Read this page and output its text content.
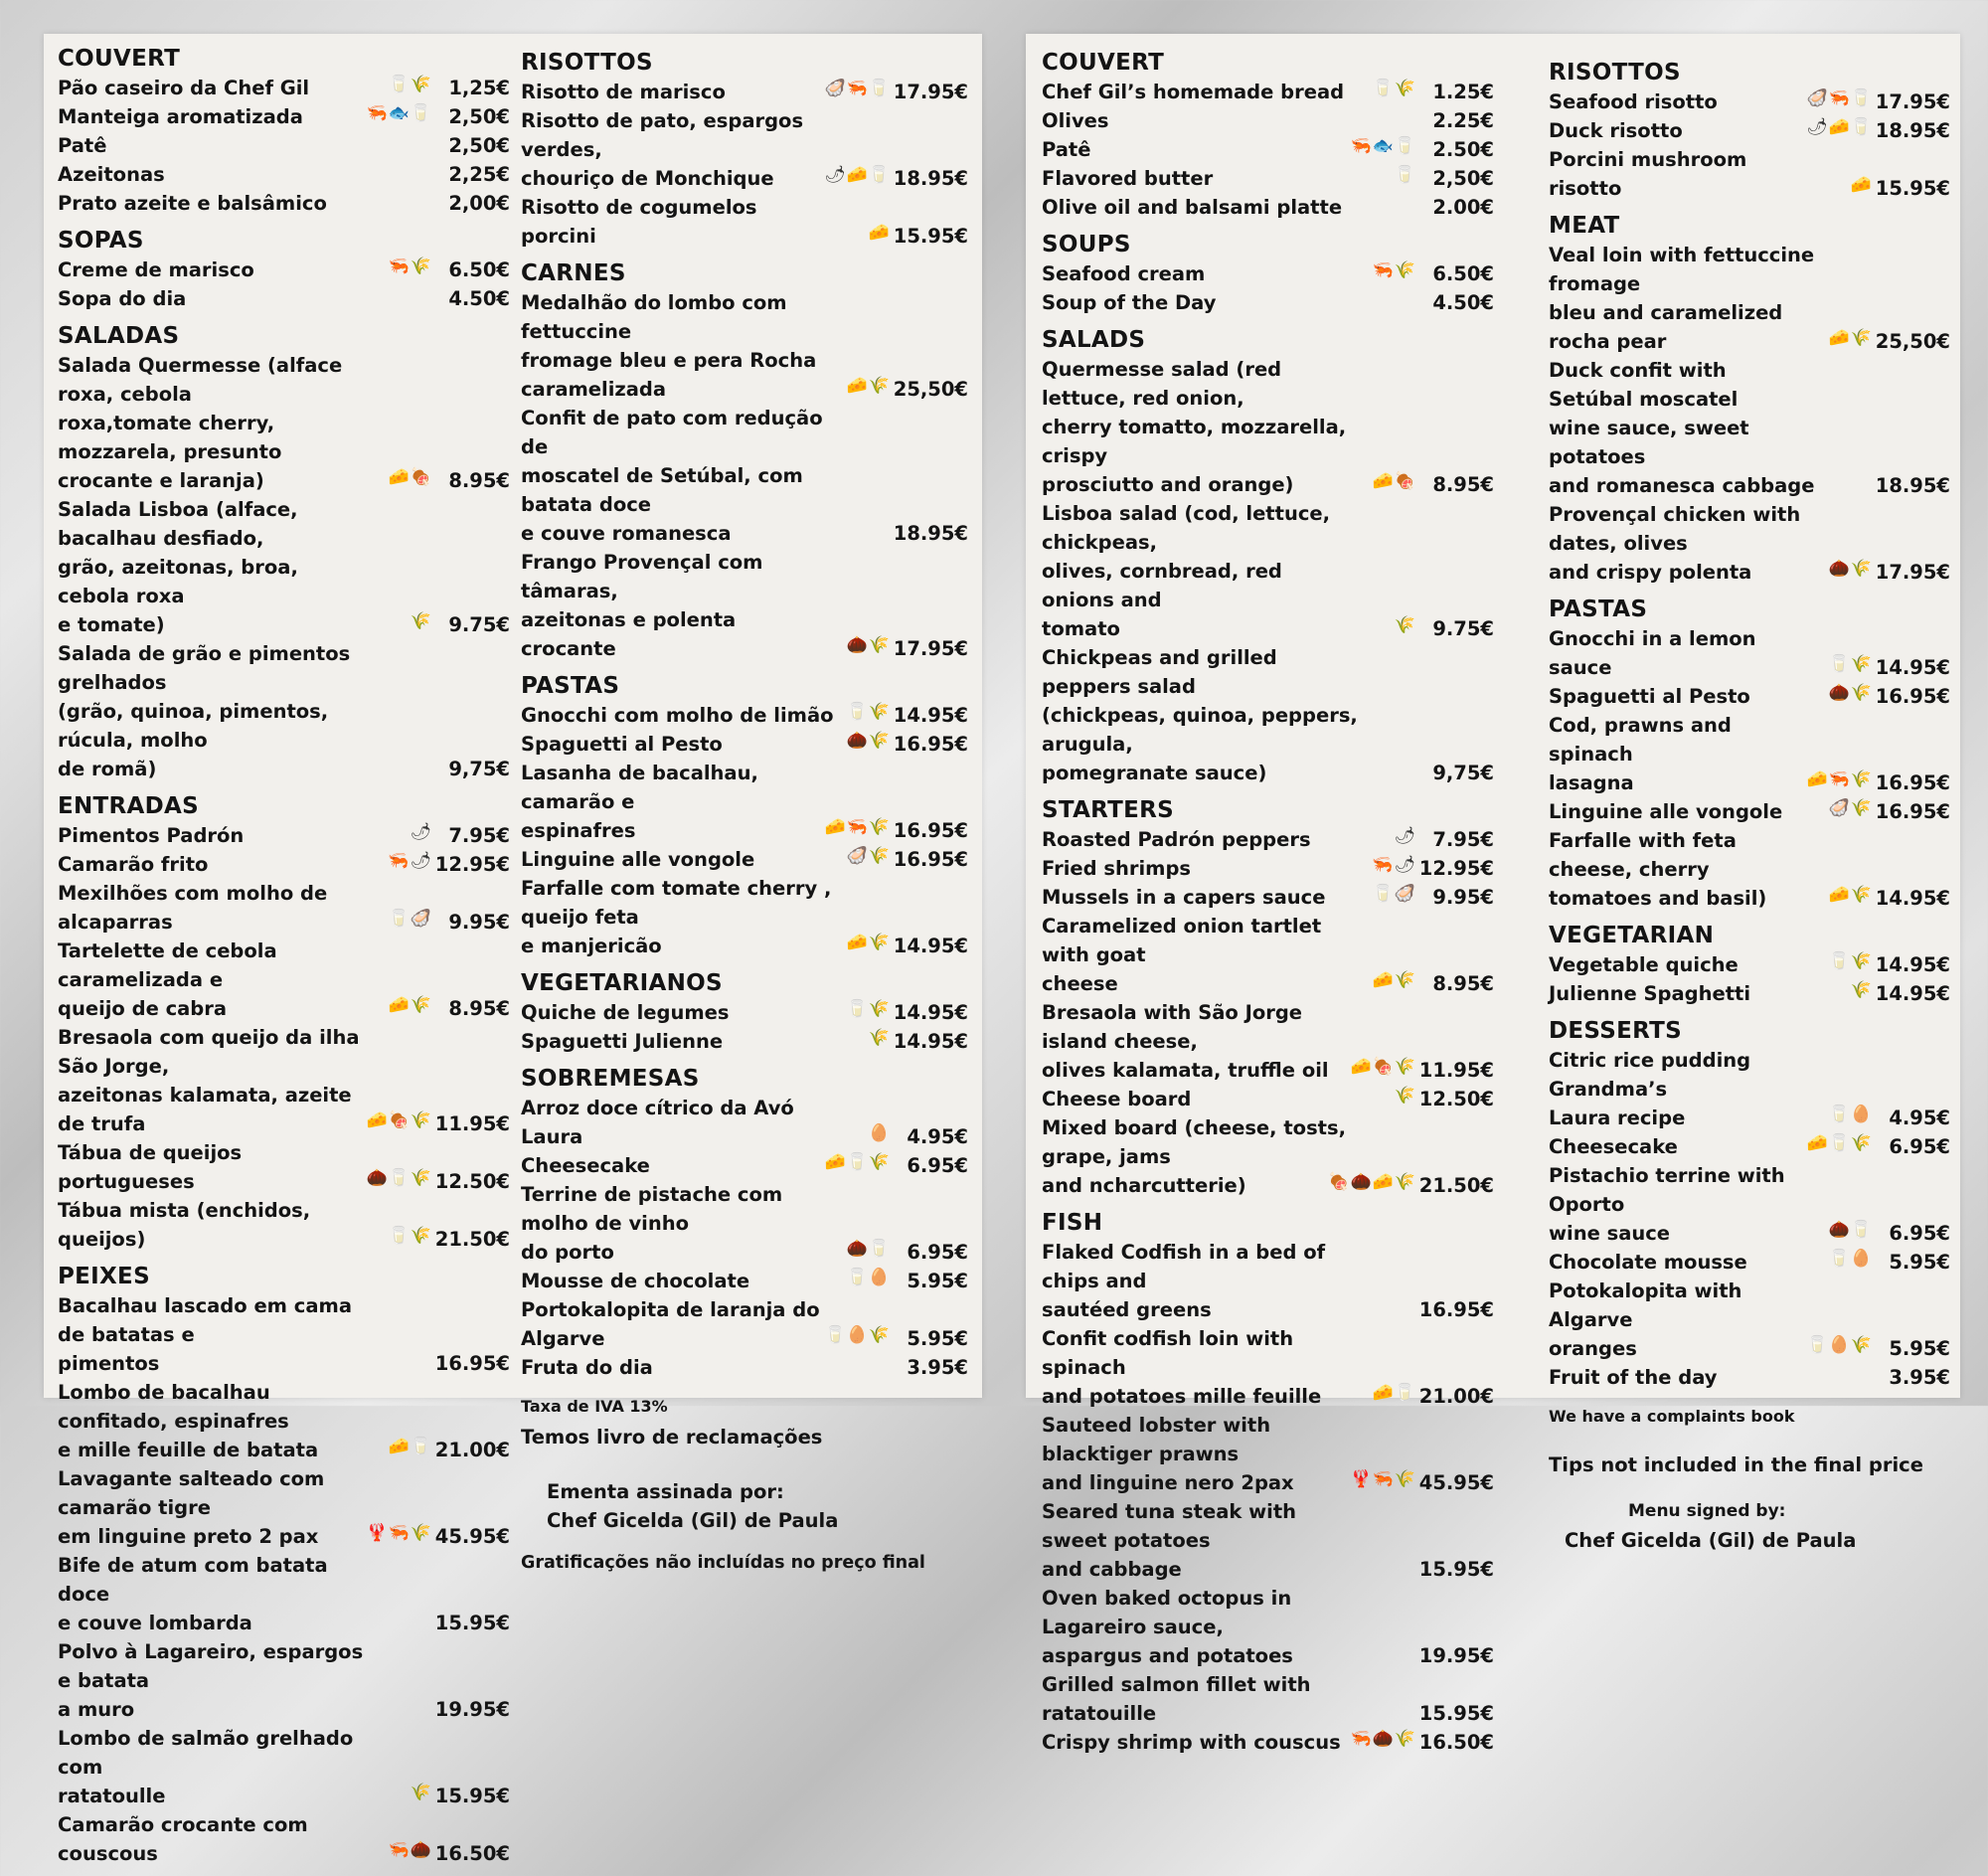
COUVERT
Pão caseiro da Chef Gil	🥛🌾 1,25€
Manteiga aromatizada	🦐🐟🥛 2,50€
Patê	2,50€
Azeitonas	2,25€
Prato azeite e balsâmico	2,00€
SOPAS
Creme de marisco	🦐🌾 6.50€
Sopa do dia	4.50€
SALADAS
Salada Quermesse (alface roxa, cebola
roxa,tomate cherry, mozzarela, presunto
crocante e laranja)	🧀🍖 8.95€
Salada Lisboa (alface, bacalhau desfiado,
grão, azeitonas, broa, cebola roxa
e tomate)	🌾 9.75€
Salada de grão e pimentos grelhados
(grão, quinoa, pimentos, rúcula, molho
de romã)	9,75€
ENTRADAS
Pimentos Padrón	🌶 7.95€
Camarão frito	🦐🌶 12.95€
Mexilhões com molho de
alcaparras	🥛🦪 9.95€
Tartelette de cebola caramelizada e
queijo de cabra	🧀🌾 8.95€
Bresaola com queijo da ilha São Jorge,
azeitonas kalamata, azeite
de trufa	🧀🍖🌾 11.95€
Tábua de queijos portugueses	🌰🥛🌾 12.50€
Tábua mista (enchidos, queijos)	🥛🌾 21.50€
PEIXES
Bacalhau lascado em cama de batatas e
pimentos	16.95€
Lombo de bacalhau confitado, espinafres
e mille feuille de batata	🧀🥛 21.00€
Lavagante salteado com camarão tigre
em linguine preto 2 pax	🦞🦐🌾 45.95€
Bife de atum com batata doce
e couve lombarda	15.95€
Polvo à Lagareiro, espargos e batata
a muro	19.95€
Lombo de salmão grelhado com
ratatoulle	🌾 15.95€
Camarão crocante com couscous	🦐🌰 16.50€
RISOTTOS
Risotto de marisco	🦪🦐🥛 17.95€
Risotto de pato, espargos verdes,
chouriço de Monchique	🌶🧀🥛 18.95€
Risotto de cogumelos porcini	🧀 15.95€
CARNES
Medalhão do lombo com fettuccine
fromage bleu e pera Rocha
caramelizada	🧀🌾 25,50€
Confit de pato com redução de
moscatel de Setúbal, com batata doce
e couve romanesca	18.95€
Frango Provençal com tâmaras,
azeitonas e polenta crocante	🌰🌾 17.95€
PASTAS
Gnocchi com molho de limão 🥛🌾 14.95€
Spaguetti al Pesto	🌰🌾 16.95€
Lasanha de bacalhau, camarão e
espinafres	🧀🦐🌾 16.95€
Linguine alle vongole	🦪🌾 16.95€
Farfalle com tomate cherry , queijo feta
e manjericão	🧀🌾 14.95€
VEGETARIANOS
Quiche de legumes	🥛🌾 14.95€
Spaguetti Julienne	🌾 14.95€
SOBREMESAS
Arroz doce cítrico da Avó Laura	🥚 4.95€
Cheesecake	🧀🥛🌾 6.95€
Terrine de pistache com molho de vinho
do porto	🌰🥛 6.95€
Mousse de chocolate	🥛🥚 5.95€
Portokalopita de laranja do
Algarve	🥛🥚🌾 5.95€
Fruta do dia	3.95€
Taxa de IVA 13%
Temos livro de reclamações
Ementa assinada por:
Chef Gicelda (Gil) de Paula
Gratificações não incluídas no preço final
COUVERT
Chef Gil’s homemade bread	🥛🌾 1.25€
Olives	2.25€
Patê	🦐🐟🥛 2.50€
Flavored butter	🥛 2,50€
Olive oil and balsami platte	2.00€
SOUPS
Seafood cream	🦐🌾 6.50€
Soup of the Day	4.50€
SALADS
Quermesse salad (red lettuce, red onion,
cherry tomatto, mozzarella, crispy
prosciutto and orange)	🧀🍖 8.95€
Lisboa salad (cod, lettuce, chickpeas,
olives, cornbread, red onions and
tomato	🌾 9.75€
Chickpeas and grilled peppers salad
(chickpeas, quinoa, peppers, arugula,
pomegranate sauce)	9,75€
STARTERS
Roasted Padrón peppers	🌶 7.95€
Fried shrimps	🦐🌶 12.95€
Mussels in a capers sauce	🥛🦪 9.95€
Caramelized onion tartlet with goat
cheese	🧀🌾 8.95€
Bresaola with São Jorge island cheese,
olives kalamata, truffle oil	🧀🍖🌾 11.95€
Cheese board	🌾 12.50€
Mixed board (cheese, tosts, grape, jams
and ncharcutterie)	🍖🌰🧀🌾 21.50€
FISH
Flaked Codfish in a bed of chips and
sautéed greens	16.95€
Confit codfish loin with spinach
and potatoes mille feuille	🧀🥛 21.00€
Sauteed lobster with blacktiger prawns
and linguine nero 2pax	🦞🦐🌾 45.95€
Seared tuna steak with sweet potatoes
and cabbage	15.95€
Oven baked octopus in Lagareiro sauce,
aspargus and potatoes	19.95€
Grilled salmon fillet with ratatouille	15.95€
Crispy shrimp with couscus 🦐🌰🌾 16.50€
RISOTTOS
Seafood risotto	🦪🦐🥛 17.95€
Duck risotto	🌶🧀🥛 18.95€
Porcini mushroom risotto	🧀 15.95€
MEAT
Veal loin with fettuccine fromage
bleu and caramelized
rocha pear	🧀🌾 25,50€
Duck confit with Setúbal moscatel
wine sauce, sweet potatoes
and romanesca cabbage	18.95€
Provençal chicken with dates, olives
and crispy polenta	🌰🌾 17.95€
PASTAS
Gnocchi in a lemon sauce	🥛🌾 14.95€
Spaguetti al Pesto	🌰🌾 16.95€
Cod, prawns and spinach
lasagna	🧀🦐🌾 16.95€
Linguine alle vongole	🦪🌾 16.95€
Farfalle with feta cheese, cherry
tomatoes and basil)	🧀🌾 14.95€
VEGETARIAN
Vegetable quiche	🥛🌾 14.95€
Julienne Spaghetti	🌾 14.95€
DESSERTS
Citric rice pudding Grandma’s
Laura recipe	🥛🥚 4.95€
Cheesecake	🧀🥛🌾 6.95€
Pistachio terrine with Oporto
wine sauce	🌰🥛 6.95€
Chocolate mousse	🥛🥚 5.95€
Potokalopita with Algarve
oranges	🥛🥚🌾 5.95€
Fruit of the day	3.95€
We have a complaints book
Tips not included in the final price
Menu signed by:
Chef Gicelda (Gil) de Paula
